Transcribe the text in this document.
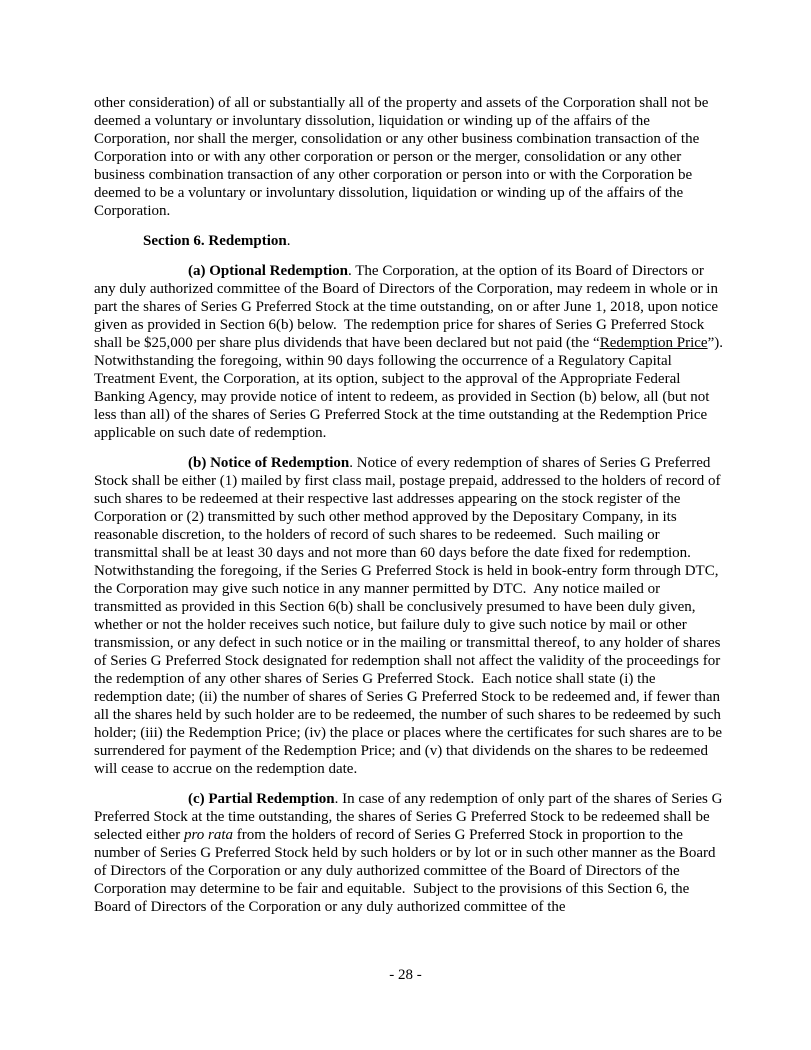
other consideration) of all or substantially all of the property and assets of the Corporation shall not be deemed a voluntary or involuntary dissolution, liquidation or winding up of the affairs of the Corporation, nor shall the merger, consolidation or any other business combination transaction of the Corporation into or with any other corporation or person or the merger, consolidation or any other business combination transaction of any other corporation or person into or with the Corporation be deemed to be a voluntary or involuntary dissolution, liquidation or winding up of the affairs of the Corporation.

Section 6. Redemption.

(a) Optional Redemption. The Corporation, at the option of its Board of Directors or any duly authorized committee of the Board of Directors of the Corporation, may redeem in whole or in part the shares of Series G Preferred Stock at the time outstanding, on or after June 1, 2018, upon notice given as provided in Section 6(b) below.  The redemption price for shares of Series G Preferred Stock shall be $25,000 per share plus dividends that have been declared but not paid (the “Redemption Price”).  Notwithstanding the foregoing, within 90 days following the occurrence of a Regulatory Capital Treatment Event, the Corporation, at its option, subject to the approval of the Appropriate Federal Banking Agency, may provide notice of intent to redeem, as provided in Section (b) below, all (but not less than all) of the shares of Series G Preferred Stock at the time outstanding at the Redemption Price applicable on such date of redemption.

(b) Notice of Redemption. Notice of every redemption of shares of Series G Preferred Stock shall be either (1) mailed by first class mail, postage prepaid, addressed to the holders of record of such shares to be redeemed at their respective last addresses appearing on the stock register of the Corporation or (2) transmitted by such other method approved by the Depositary Company, in its reasonable discretion, to the holders of record of such shares to be redeemed.  Such mailing or transmittal shall be at least 30 days and not more than 60 days before the date fixed for redemption.  Notwithstanding the foregoing, if the Series G Preferred Stock is held in book-entry form through DTC, the Corporation may give such notice in any manner permitted by DTC.  Any notice mailed or transmitted as provided in this Section 6(b) shall be conclusively presumed to have been duly given, whether or not the holder receives such notice, but failure duly to give such notice by mail or other transmission, or any defect in such notice or in the mailing or transmittal thereof, to any holder of shares of Series G Preferred Stock designated for redemption shall not affect the validity of the proceedings for the redemption of any other shares of Series G Preferred Stock.  Each notice shall state (i) the redemption date; (ii) the number of shares of Series G Preferred Stock to be redeemed and, if fewer than all the shares held by such holder are to be redeemed, the number of such shares to be redeemed by such holder; (iii) the Redemption Price; (iv) the place or places where the certificates for such shares are to be surrendered for payment of the Redemption Price; and (v) that dividends on the shares to be redeemed will cease to accrue on the redemption date.

(c) Partial Redemption. In case of any redemption of only part of the shares of Series G Preferred Stock at the time outstanding, the shares of Series G Preferred Stock to be redeemed shall be selected either pro rata from the holders of record of Series G Preferred Stock in proportion to the number of Series G Preferred Stock held by such holders or by lot or in such other manner as the Board of Directors of the Corporation or any duly authorized committee of the Board of Directors of the Corporation may determine to be fair and equitable.  Subject to the provisions of this Section 6, the Board of Directors of the Corporation or any duly authorized committee of the

- 28 -
